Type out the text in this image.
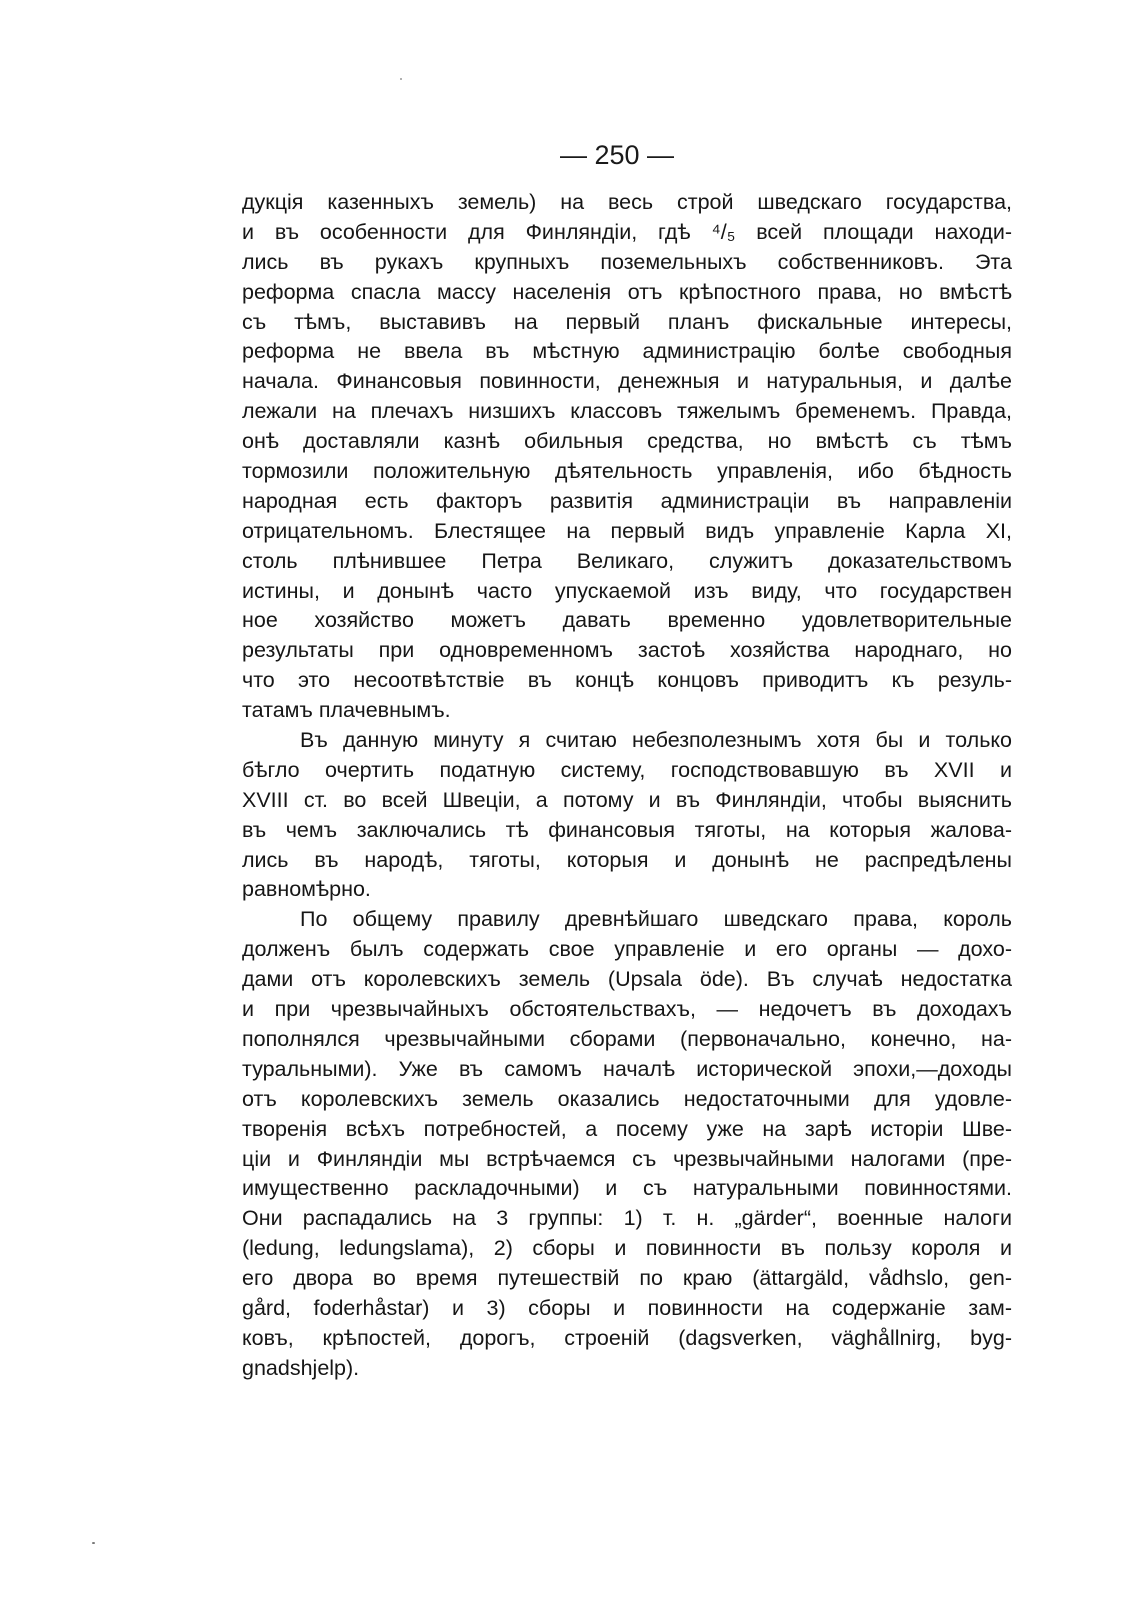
— 250 —
дукція казенныхъ земель) на весь строй шведскаго государства,
и въ особенности для Финляндіи, гдѣ ⁴/₅ всей площади находи-
лись въ рукахъ крупныхъ поземельныхъ собственниковъ. Эта
реформа спасла массу населенія отъ крѣпостного права, но вмѣстѣ
съ тѣмъ, выставивъ на первый планъ фискальные интересы,
реформа не ввела въ мѣстную администрацію болѣе свободныя
начала. Финансовыя повинности, денежныя и натуральныя, и далѣе
лежали на плечахъ низшихъ классовъ тяжелымъ бременемъ. Правда,
онѣ доставляли казнѣ обильныя средства, но вмѣстѣ съ тѣмъ
тормозили положительную дѣятельность управленія, ибо бѣдность
народная есть факторъ развитія администраціи въ направленіи
отрицательномъ. Блестящее на первый видъ управленіе Карла XI,
столь плѣнившее Петра Великаго, служитъ доказательствомъ
истины, и донынѣ часто упускаемой изъ виду, что государствен
ное хозяйство можетъ давать временно удовлетворительные
результаты при одновременномъ застоѣ хозяйства народнаго, но
что это несоотвѣтствіе въ концѣ концовъ приводитъ къ резуль-
татамъ плачевнымъ.
Въ данную минуту я считаю небезполезнымъ хотя бы и только
бѣгло очертить податную систему, господствовавшую въ XVII и
XVIII ст. во всей Швеціи, а потому и въ Финляндіи, чтобы выяснить
въ чемъ заключались тѣ финансовыя тяготы, на которыя жалова-
лись въ народѣ, тяготы, которыя и донынѣ не распредѣлены
равномѣрно.
По общему правилу древнѣйшаго шведскаго права, король
долженъ былъ содержать свое управленіе и его органы — дохо-
дами отъ королевскихъ земель (Upsala öde). Въ случаѣ недостатка
и при чрезвычайныхъ обстоятельствахъ, — недочетъ въ доходахъ
пополнялся чрезвычайными сборами (первоначально, конечно, на-
туральными). Уже въ самомъ началѣ исторической эпохи,—доходы
отъ королевскихъ земель оказались недостаточными для удовле-
творенія всѣхъ потребностей, а посему уже на зарѣ исторіи Шве-
ціи и Финляндіи мы встрѣчаемся съ чрезвычайными налогами (пре-
имущественно раскладочными) и съ натуральными повинностями.
Они распадались на 3 группы: 1) т. н. „gärder“, военные налоги
(ledung, ledungslama), 2) сборы и повинности въ пользу короля и
его двора во время путешествій по краю (ättargäld, vådhslo, gen-
gård, foderhåstar) и 3) сборы и повинности на содержаніе зам-
ковъ, крѣпостей, дорогъ, строеній (dagsverken, väghållnirg, byg-
gnadshjelp).
